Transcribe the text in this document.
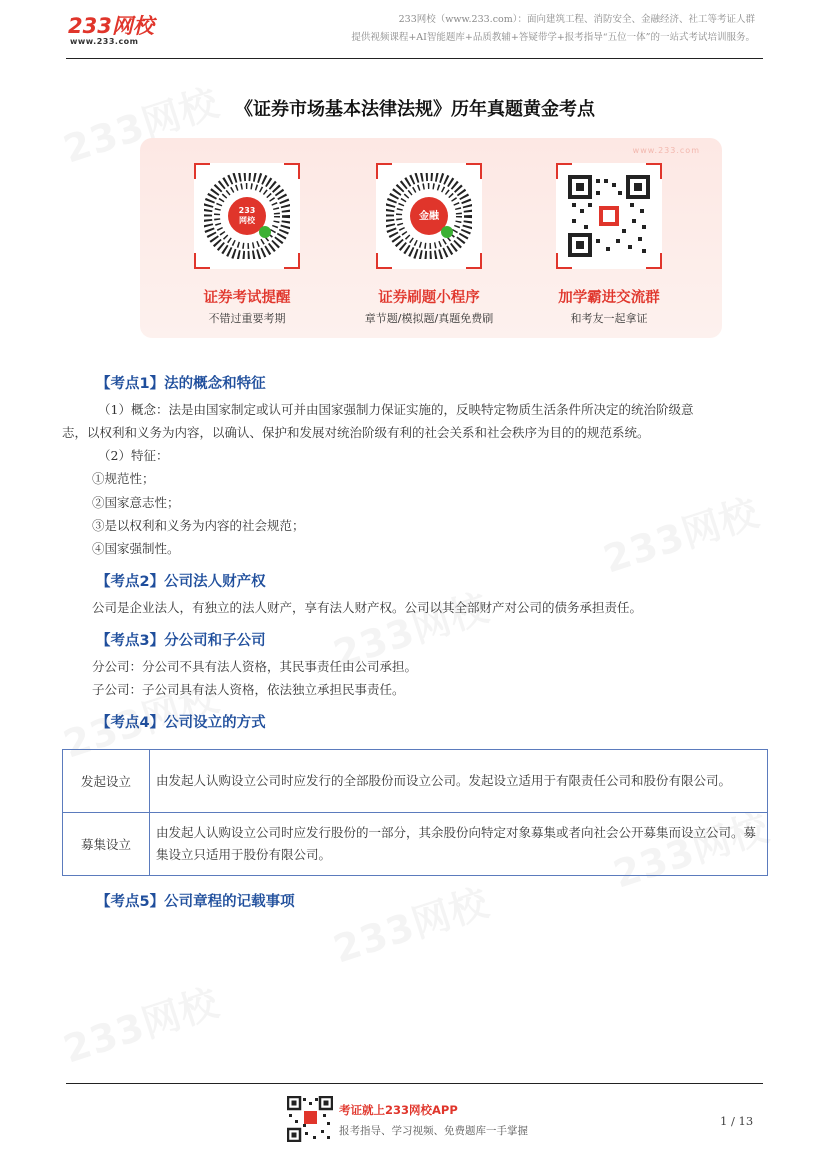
233网校
www.233.com
233网校（www.233.com）：面向建筑工程、消防安全、金融经济、社工等考证人群
提供视频课程+AI智能题库+品质教辅+答疑带学+报考指导“五位一体”的一站式考试培训服务。
《证券市场基本法律法规》历年真题黄金考点
www.233.com
233
网校
证券考试提醒
不错过重要考期
金融
证券刷题小程序
章节题/模拟题/真题免费刷
加学霸进交流群
和考友一起拿证
【考点1】法的概念和特征
（1）概念：法是由国家制定或认可并由国家强制力保证实施的，反映特定物质生活条件所决定的统治阶级意
志，以权利和义务为内容，以确认、保护和发展对统治阶级有利的社会关系和社会秩序为目的的规范系统。
（2）特征：
①规范性；
②国家意志性；
③是以权利和义务为内容的社会规范；
④国家强制性。
【考点2】公司法人财产权
公司是企业法人，有独立的法人财产，享有法人财产权。公司以其全部财产对公司的债务承担责任。
【考点3】分公司和子公司
分公司：分公司不具有法人资格，其民事责任由公司承担。
子公司：子公司具有法人资格，依法独立承担民事责任。
【考点4】公司设立的方式
发起设立	由发起人认购设立公司时应发行的全部股份而设立公司。发起设立适用于有限责任公司和股份有限公司。
募集设立	由发起人认购设立公司时应发行股份的一部分，其余股份向特定对象募集或者向社会公开募集而设立公司。募集设立只适用于股份有限公司。
【考点5】公司章程的记载事项
考证就上233网校APP
报考指导、学习视频、免费题库一手掌握
1 / 13
